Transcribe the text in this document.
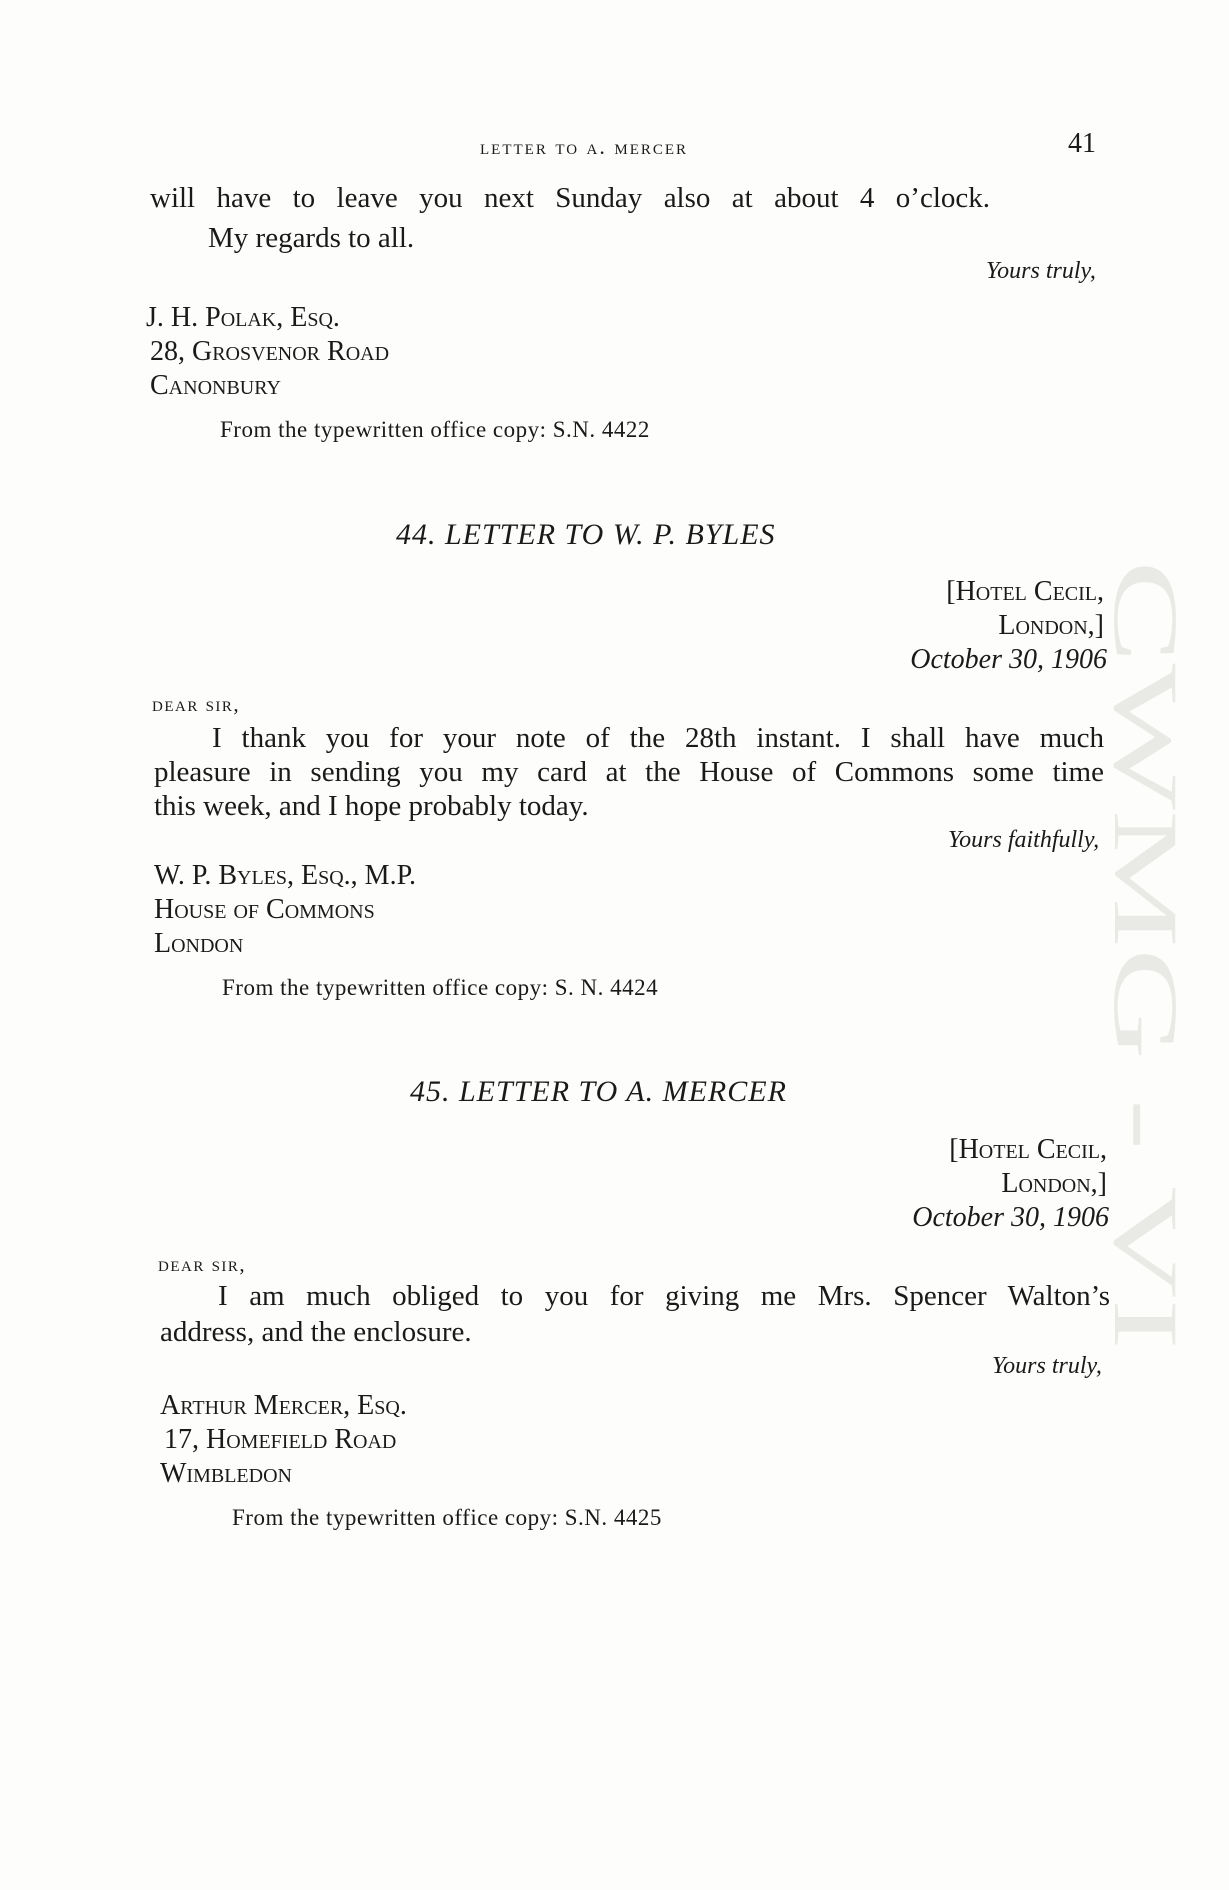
CWMG - VI
letter to a. mercer	41
will have to leave you next Sunday also at about 4 o’clock.
My regards to all.
Yours truly,
J. H. Polak, Esq.
28, Grosvenor Road
Canonbury
From the typewritten office copy: S.N. 4422
44. LETTER TO W. P. BYLES
[Hotel Cecil,
London,]
October 30, 1906
dear sir,
I thank you for your note of the 28th instant. I shall have much
pleasure in sending you my card at the House of Commons some time
this week, and I hope probably today.
Yours faithfully,
W. P. Byles, Esq., M.P.
House of Commons
London
From the typewritten office copy: S. N. 4424
45. LETTER TO A. MERCER
[Hotel Cecil,
London,]
October 30, 1906
dear sir,
I am much obliged to you for giving me Mrs. Spencer Walton’s
address, and the enclosure.
Yours truly,
Arthur Mercer, Esq.
17, Homefield Road
Wimbledon
From the typewritten office copy: S.N. 4425
